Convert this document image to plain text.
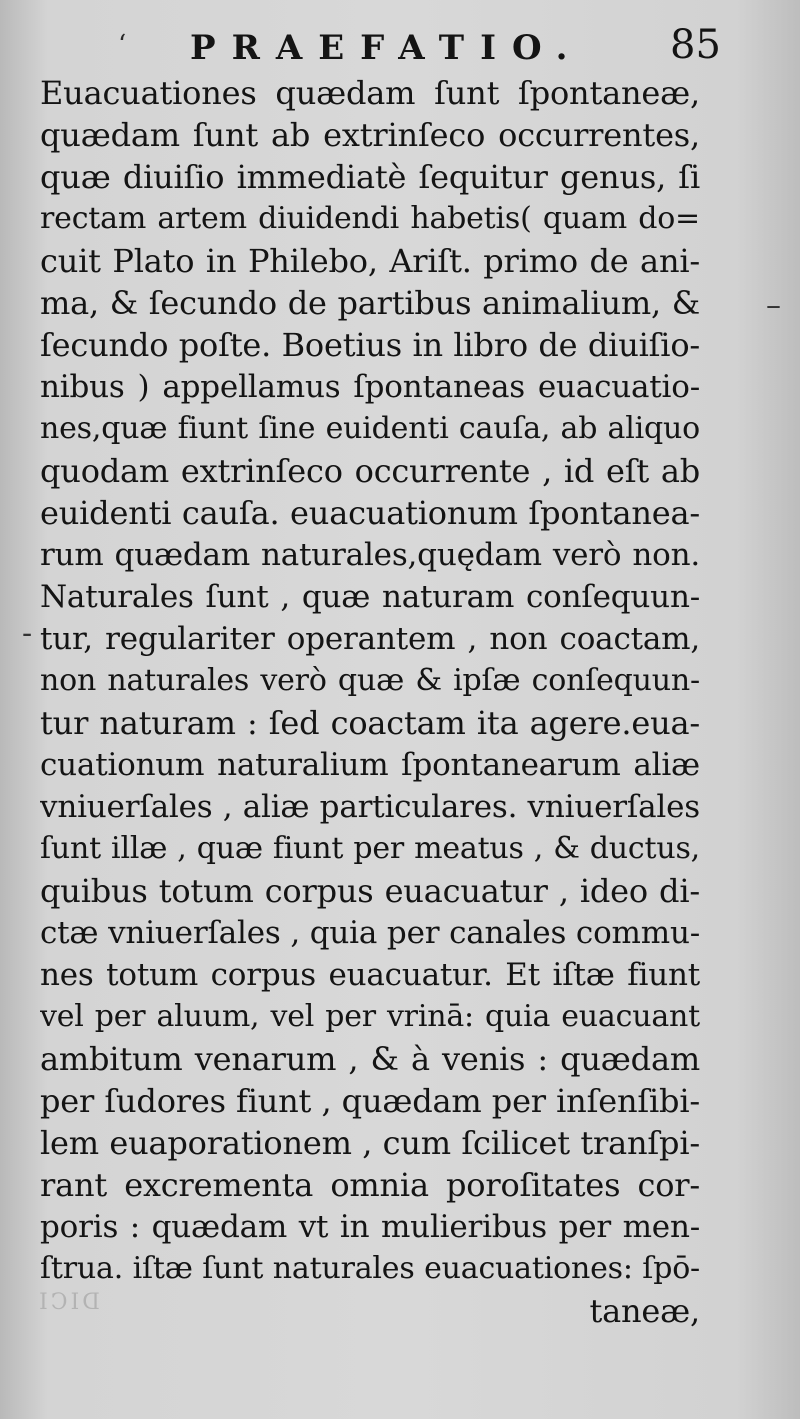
ʻ PRAEFATIO. 85
Euacuationes quædam ſunt ſpontaneæ,
quædam ſunt ab extrinſeco occurrentes,
quæ diuiſio immediatè ſequitur genus, ſi
rectam artem diuidendi habetis( quam do=
cuit Plato in Philebo, Ariſt. primo de ani-
ma, & ſecundo de partibus animalium, &
ſecundo poſte. Boetius in libro de diuiſio-
nibus ) appellamus ſpontaneas euacuatio-
nes,quæ fiunt ſine euidenti cauſa, ab aliquo
quodam extrinſeco occurrente , id eſt ab
euidenti cauſa. euacuationum ſpontanea-
rum quædam naturales,quędam verò non.
Naturales ſunt , quæ naturam conſequun-
tur, regulariter operantem , non coactam,
non naturales verò quæ & ipſæ conſequun-
tur naturam : ſed coactam ita agere.eua-
cuationum naturalium ſpontanearum aliæ
vniuerſales , aliæ particulares. vniuerſales
ſunt illæ , quæ fiunt per meatus , & ductus,
quibus totum corpus euacuatur , ideo di-
ctæ vniuerſales , quia per canales commu-
nes totum corpus euacuatur. Et iſtæ fiunt
vel per aluum, vel per vrinā: quia euacuant
ambitum venarum , & à venis : quædam
per ſudores fiunt , quædam per inſenſibi-
lem euaporationem , cum ſcilicet tranſpi-
rant excrementa omnia poroſitates cor-
poris : quædam vt in mulieribus per men-
ſtrua. iſtæ ſunt naturales euacuationes: ſpō-
taneæ,
–
-
DICI
